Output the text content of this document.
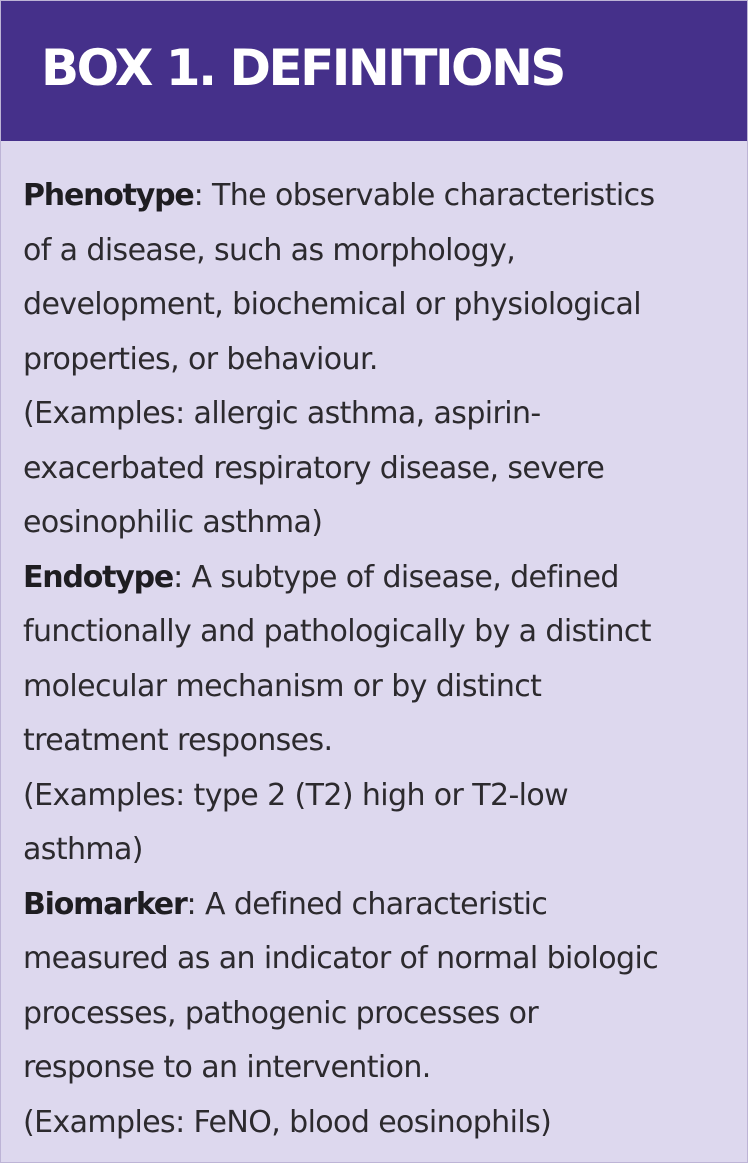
BOX 1. DEFINITIONS
Phenotype: The observable characteristics
of a disease, such as morphology,
development, biochemical or physiological
properties, or behaviour.
(Examples: allergic asthma, aspirin-
exacerbated respiratory disease, severe
eosinophilic asthma)
Endotype: A subtype of disease, defined
functionally and pathologically by a distinct
molecular mechanism or by distinct
treatment responses.
(Examples: type 2 (T2) high or T2-low
asthma)
Biomarker: A defined characteristic
measured as an indicator of normal biologic
processes, pathogenic processes or
response to an intervention.
(Examples: FeNO, blood eosinophils)
